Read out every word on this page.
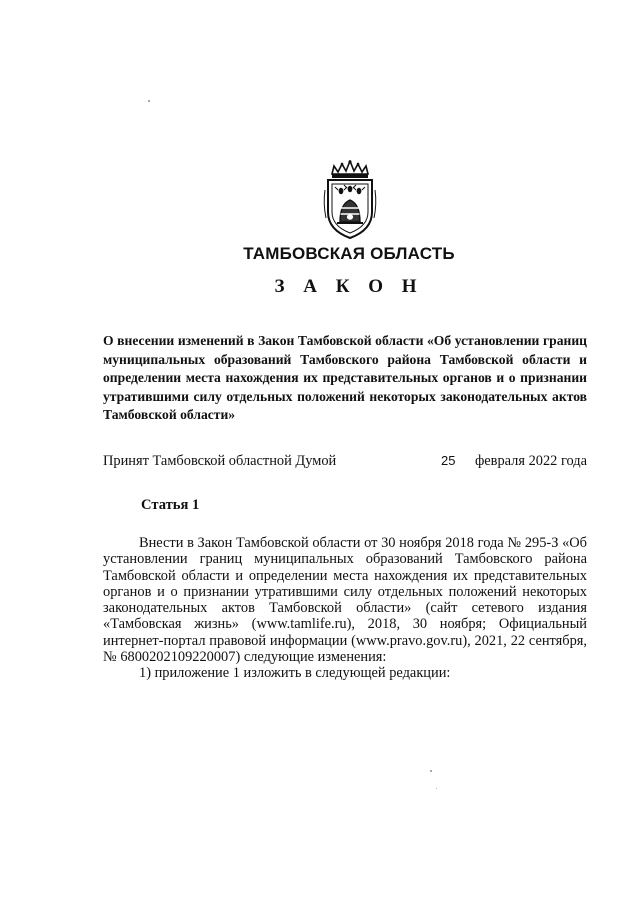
ТАМБОВСКАЯ ОБЛАСТЬ
З А К О Н
О внесении изменений в Закон Тамбовской области «Об установлении границ муниципальных образований Тамбовского района Тамбовской области и определении места нахождения их представительных органов и о признании утратившими силу отдельных положений некоторых законодательных актов Тамбовской области»
Принят Тамбовской областной Думой	25 февраля 2022 года
Статья 1

Внести в Закон Тамбовской области от 30 ноября 2018 года № 295-З «Об установлении границ муниципальных образований Тамбовского района Тамбовской области и определении места нахождения их представительных органов и о признании утратившими силу отдельных положений некоторых законодательных актов Тамбовской области» (сайт сетевого издания «Тамбовская жизнь» (www.tamlife.ru), 2018, 30 ноября; Официальный интернет-портал правовой информации (www.pravo.gov.ru), 2021, 22 сентября, № 6800202109220007) следующие изменения:

1) приложение 1 изложить в следующей редакции:
